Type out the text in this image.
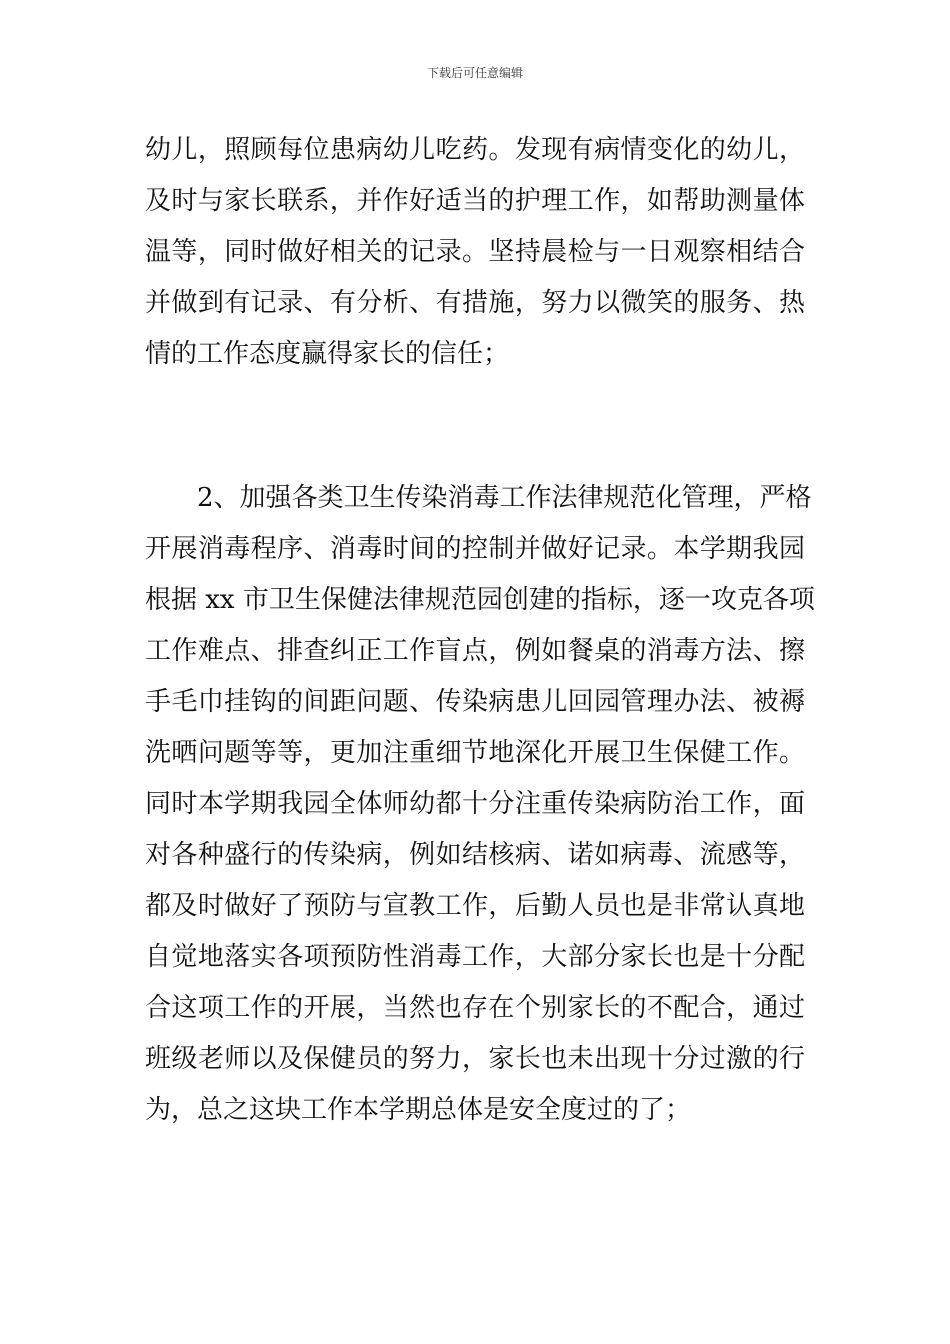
下载后可任意编辑
幼儿，照顾每位患病幼儿吃药。发现有病情变化的幼儿，
及时与家长联系，并作好适当的护理工作，如帮助测量体
温等，同时做好相关的记录。坚持晨检与一日观察相结合
并做到有记录、有分析、有措施，努力以微笑的服务、热
情的工作态度赢得家长的信任；
2、加强各类卫生传染消毒工作法律规范化管理，严格
开展消毒程序、消毒时间的控制并做好记录。本学期我园
根据 xx 市卫生保健法律规范园创建的指标，逐一攻克各项
工作难点、排查纠正工作盲点，例如餐桌的消毒方法、擦
手毛巾挂钩的间距问题、传染病患儿回园管理办法、被褥
洗晒问题等等，更加注重细节地深化开展卫生保健工作。
同时本学期我园全体师幼都十分注重传染病防治工作，面
对各种盛行的传染病，例如结核病、诺如病毒、流感等，
都及时做好了预防与宣教工作，后勤人员也是非常认真地
自觉地落实各项预防性消毒工作，大部分家长也是十分配
合这项工作的开展，当然也存在个别家长的不配合，通过
班级老师以及保健员的努力，家长也未出现十分过激的行
为，总之这块工作本学期总体是安全度过的了；
